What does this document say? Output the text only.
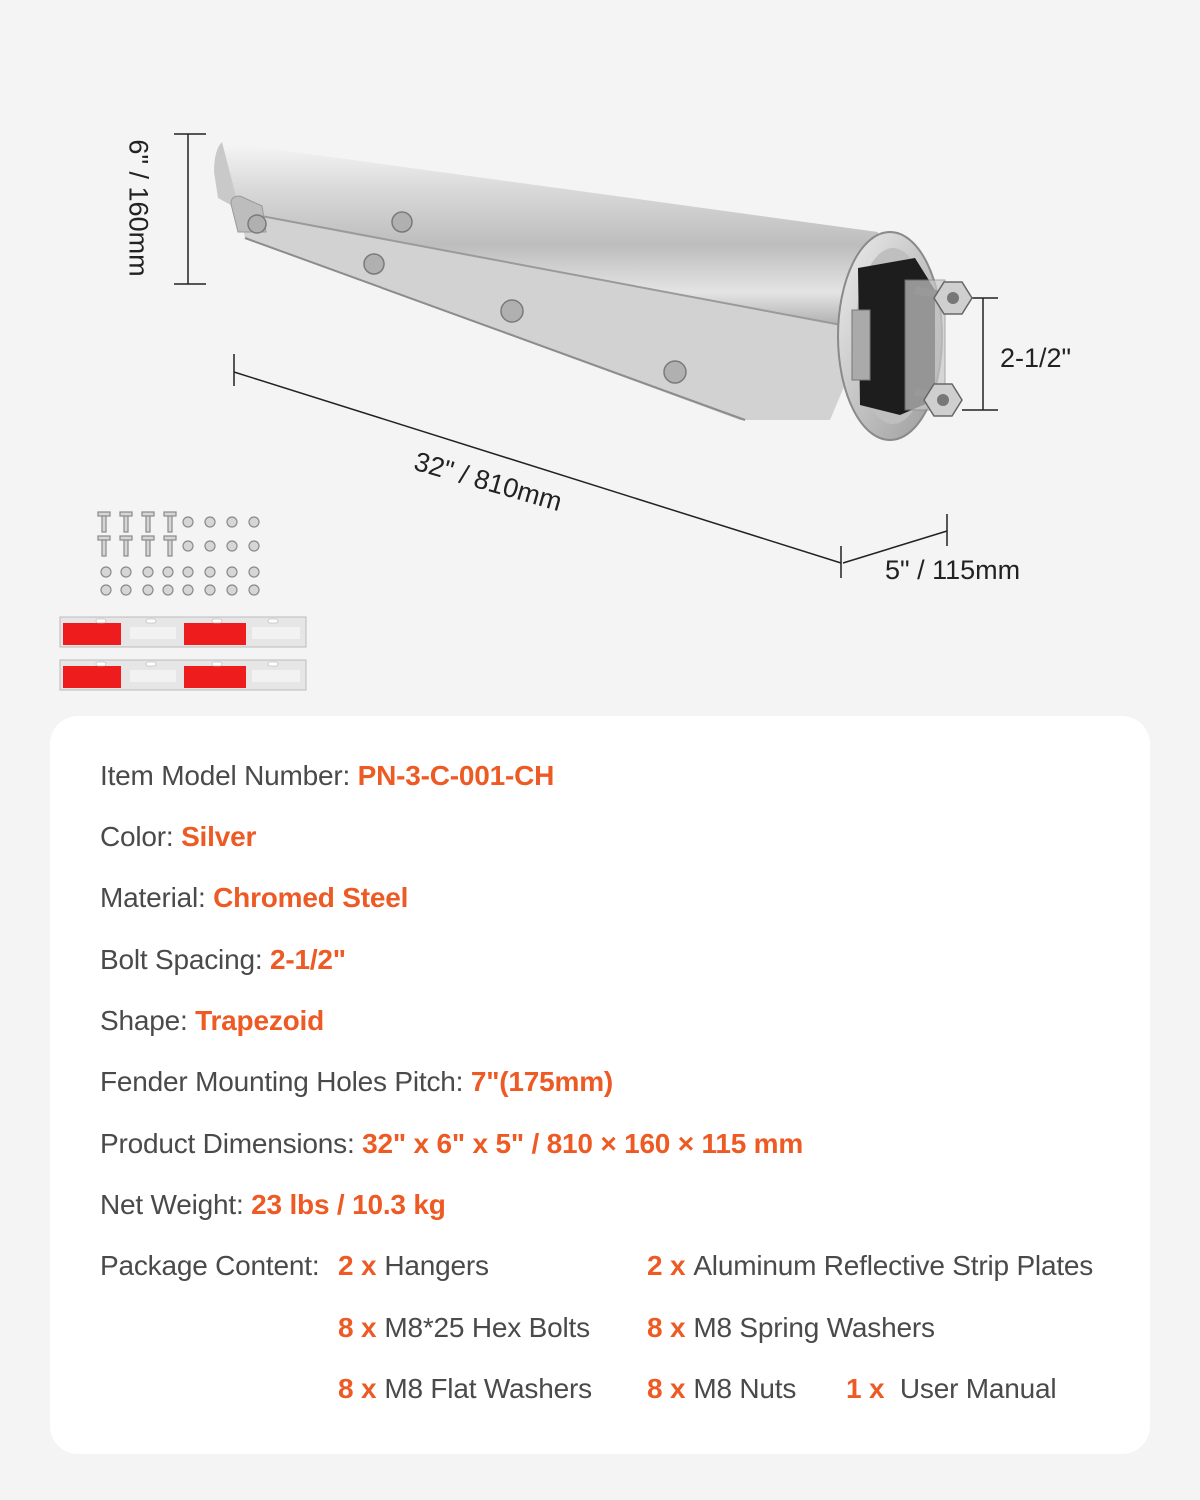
6" / 160mm
32" / 810mm
5" / 115mm
2-1/2"
Item Model Number: PN-3-C-001-CH
Color: Silver
Material: Chromed Steel
Bolt Spacing: 2-1/2"
Shape: Trapezoid
Fender Mounting Holes Pitch: 7"(175mm)
Product Dimensions: 32" x 6" x 5" / 810 × 160 × 115 mm
Net Weight: 23 lbs / 10.3 kg
Package Content: 2 x Hangers	2 x Aluminum Reflective Strip Plates
8 x M8*25 Hex Bolts 8 x M8 Spring Washers
8 x M8 Flat Washers 8 x M8 Nuts 1 x User Manual
